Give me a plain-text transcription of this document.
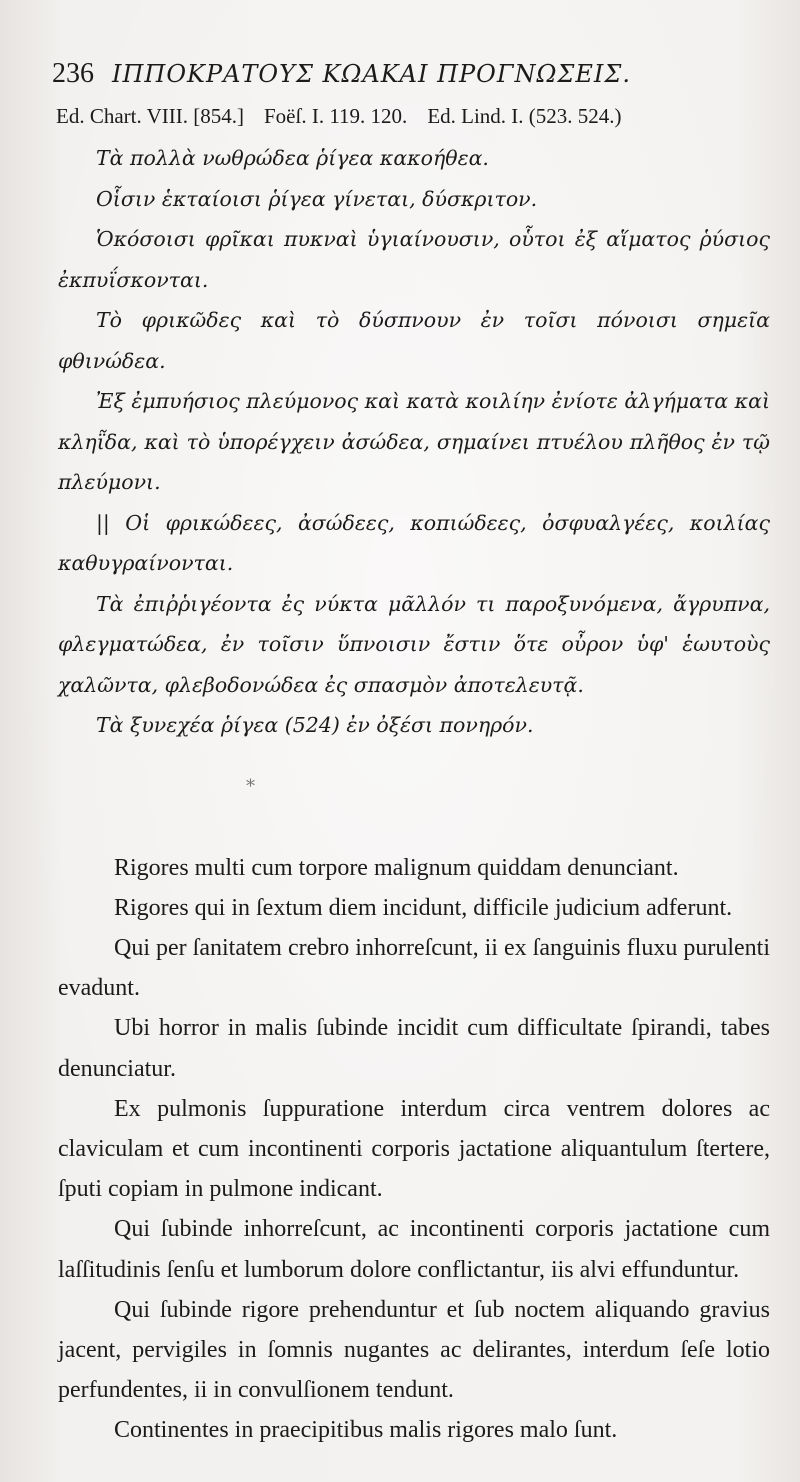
236 ΙΠΠΟΚΡΑΤΟΥΣ ΚΩΑΚΑΙ ΠΡΟΓΝΩΣΕΙΣ.
Ed. Chart. VIII. [854.] Foëſ. I. 119. 120. Ed. Lind. I. (523. 524.)

Τὰ πολλὰ νωθρώδεα ῥίγεα κακοήθεα.

Οἷσιν ἑκταίοισι ῥίγεα γίνεται, δύσκριτον.

Ὁκόσοισι φρῖκαι πυκναὶ ὑγιαίνουσιν, οὗτοι ἐξ αἵματος ῥύσιος ἐκπυΐσκονται.

Τὸ φρικῶδες καὶ τὸ δύσπνουν ἐν τοῖσι πόνοισι σημεῖα φθινώδεα.

Ἐξ ἐμπυήσιος πλεύμονος καὶ κατὰ κοιλίην ἐνίοτε ἀλγήματα καὶ κληῗδα, καὶ τὸ ὑπορέγχειν ἀσώδεα, σημαίνει πτυέλου πλῆθος ἐν τῷ πλεύμονι.

|| Οἱ φρικώδεες, ἀσώδεες, κοπιώδεες, ὀσφυαλγέες, κοιλίας καθυγραίνονται.

Τὰ ἐπιῤῥιγέοντα ἐς νύκτα μᾶλλόν τι παροξυνόμενα, ἄγρυπνα, φλεγματώδεα, ἐν τοῖσιν ὕπνοισιν ἔστιν ὅτε οὖρον ὑφ' ἑωυτοὺς χαλῶντα, φλεβοδονώδεα ἐς σπασμὸν ἀποτελευτᾷ.

Τὰ ξυνεχέα ῥίγεα (524) ἐν ὀξέσι πονηρόν.

*

Rigores multi cum torpore malignum quiddam denunciant.

Rigores qui in ſextum diem incidunt, difficile judicium adferunt.

Qui per ſanitatem crebro inhorreſcunt, ii ex ſanguinis fluxu purulenti evadunt.

Ubi horror in malis ſubinde incidit cum difficultate ſpirandi, tabes denunciatur.

Ex pulmonis ſuppuratione interdum circa ventrem dolores ac claviculam et cum incontinenti corporis jactatione aliquantulum ſtertere, ſputi copiam in pulmone indicant.

Qui ſubinde inhorreſcunt, ac incontinenti corporis jactatione cum laſſitudinis ſenſu et lumborum dolore conflictantur, iis alvi effunduntur.

Qui ſubinde rigore prehenduntur et ſub noctem aliquando gravius jacent, pervigiles in ſomnis nugantes ac delirantes, interdum ſeſe lotio perfundentes, ii in convulſionem tendunt.

Continentes in praecipitibus malis rigores malo ſunt.
